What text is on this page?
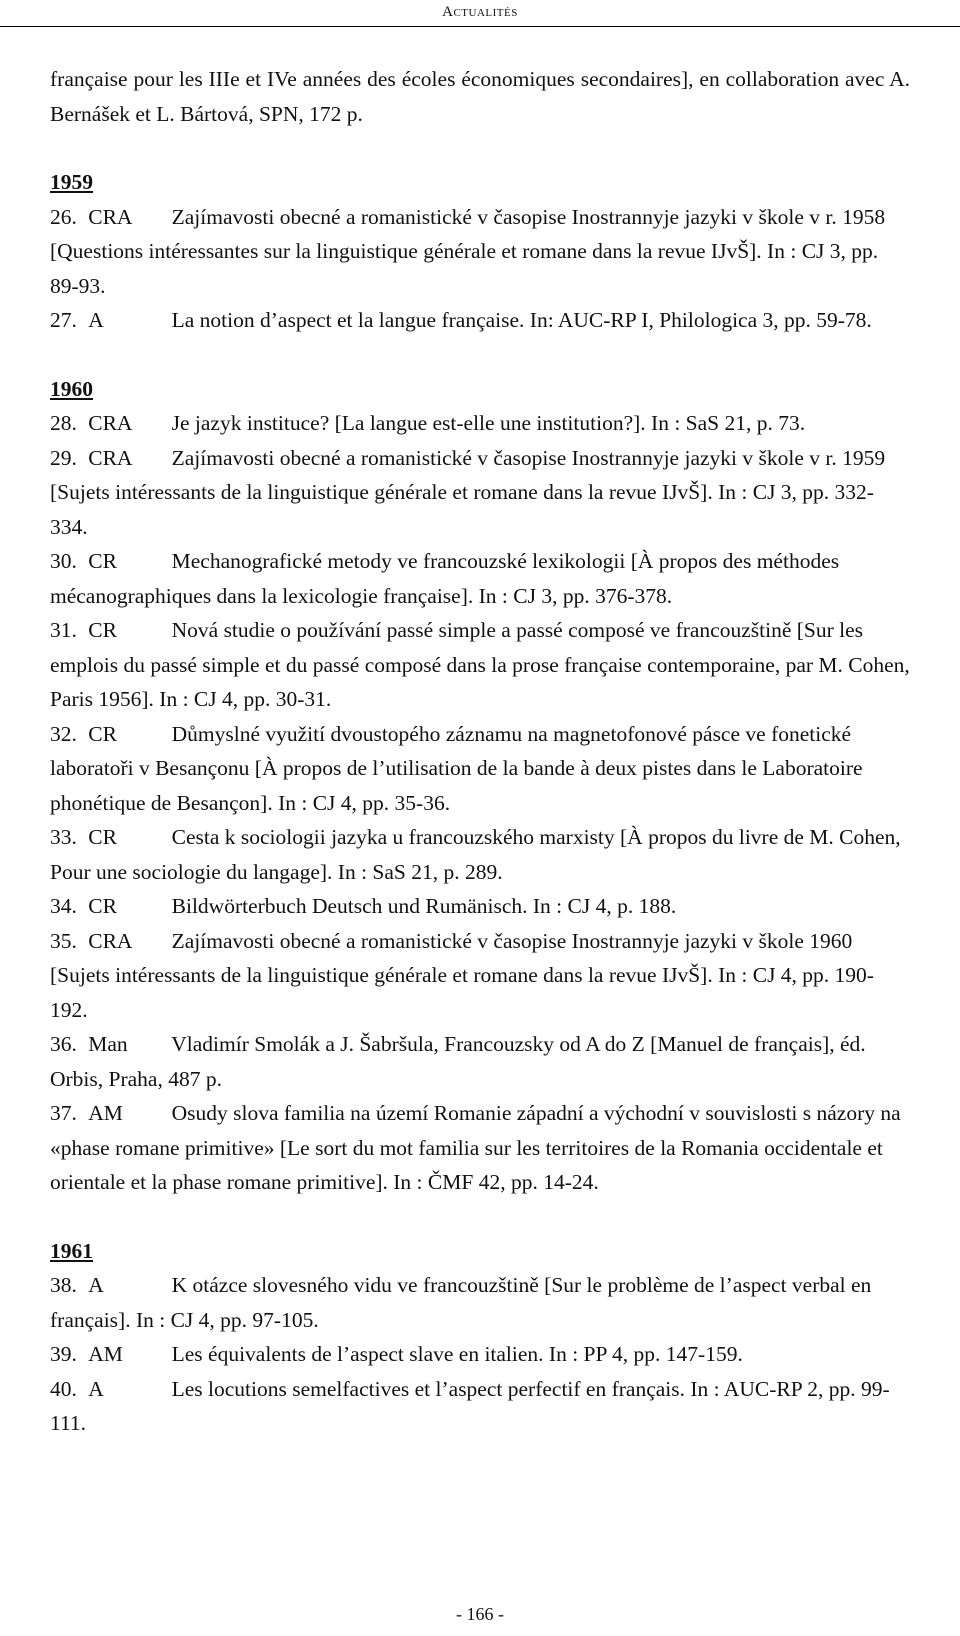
Actualités

française pour les IIIe et IVe années des écoles économiques secondaires], en collaboration avec A. Bernášek et L. Bártová, SPN, 172 p.

1959

26. CRA Zajímavosti obecné a romanistické v časopise Inostrannyje jazyki v škole v r. 1958 [Questions intéressantes sur la linguistique générale et romane dans la revue IJvŠ]. In : CJ 3, pp. 89-93.
27. A	La notion d’aspect et la langue française. In: AUC-RP I, Philologica 3, pp. 59-78.

1960

28. CRA Je jazyk instituce? [La langue est-elle une institution?]. In : SaS 21, p. 73.
29. CRA Zajímavosti obecné a romanistické v časopise Inostrannyje jazyki v škole v r. 1959 [Sujets intéressants de la linguistique générale et romane dans la revue IJvŠ]. In : CJ 3, pp. 332-334.
30. CR	Mechanografické metody ve francouzské lexikologii [À propos des méthodes mécanographiques dans la lexicologie française]. In : CJ 3, pp. 376-378.
31. CR	Nová studie o používání passé simple a passé composé ve francouzštině [Sur les emplois du passé simple et du passé composé dans la prose française contemporaine, par M. Cohen, Paris 1956]. In : CJ 4, pp. 30-31.
32. CR	Důmyslné využití dvoustopého záznamu na magnetofonové pásce ve fonetické laboratoři v Besançonu [À propos de l’utilisation de la bande à deux pistes dans le Laboratoire phonétique de Besançon]. In : CJ 4, pp. 35-36.
33. CR	Cesta k sociologii jazyka u francouzského marxisty [À propos du livre de M. Cohen, Pour une sociologie du langage]. In : SaS 21, p. 289.
34. CR	Bildwörterbuch Deutsch und Rumänisch. In : CJ 4, p. 188.
35. CRA Zajímavosti obecné a romanistické v časopise Inostrannyje jazyki v škole 1960 [Sujets intéressants de la linguistique générale et romane dans la revue IJvŠ]. In : CJ 4, pp. 190-192.
36. Man Vladimír Smolák a J. Šabršula, Francouzsky od A do Z [Manuel de français], éd. Orbis, Praha, 487 p.
37. AM Osudy slova familia na území Romanie západní a východní v souvislosti s názory na «phase romane primitive» [Le sort du mot familia sur les territoires de la Romania occidentale et orientale et la phase romane primitive]. In : ČMF 42, pp. 14-24.

1961

38. A	K otázce slovesného vidu ve francouzštině [Sur le problème de l’aspect verbal en français]. In : CJ 4, pp. 97-105.
39. AM Les équivalents de l’aspect slave en italien. In : PP 4, pp. 147-159.
40. A	Les locutions semelfactives et l’aspect perfectif en français. In : AUC-RP 2, pp. 99-111.
- 166 -
